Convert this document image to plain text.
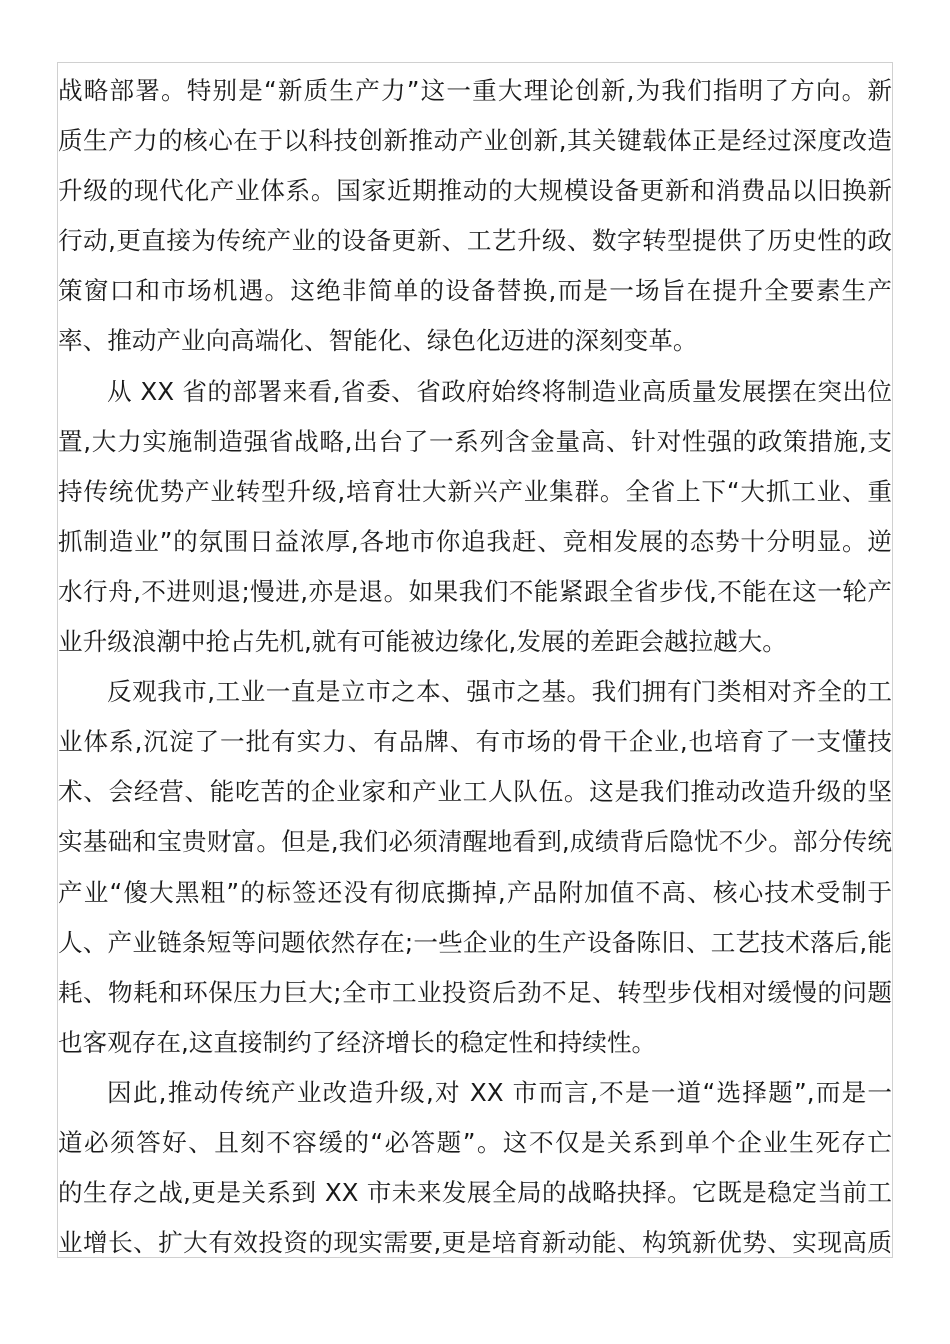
战略部署。特别是“新质生产力”这一重大理论创新,为我们指明了方向。新
质生产力的核心在于以科技创新推动产业创新,其关键载体正是经过深度改造
升级的现代化产业体系。国家近期推动的大规模设备更新和消费品以旧换新
行动,更直接为传统产业的设备更新、工艺升级、数字转型提供了历史性的政
策窗口和市场机遇。这绝非简单的设备替换,而是一场旨在提升全要素生产
率、推动产业向高端化、智能化、绿色化迈进的深刻变革。
从 XX 省的部署来看,省委、省政府始终将制造业高质量发展摆在突出位
置,大力实施制造强省战略,出台了一系列含金量高、针对性强的政策措施,支
持传统优势产业转型升级,培育壮大新兴产业集群。全省上下“大抓工业、重
抓制造业”的氛围日益浓厚,各地市你追我赶、竞相发展的态势十分明显。逆
水行舟,不进则退;慢进,亦是退。如果我们不能紧跟全省步伐,不能在这一轮产
业升级浪潮中抢占先机,就有可能被边缘化,发展的差距会越拉越大。
反观我市,工业一直是立市之本、强市之基。我们拥有门类相对齐全的工
业体系,沉淀了一批有实力、有品牌、有市场的骨干企业,也培育了一支懂技
术、会经营、能吃苦的企业家和产业工人队伍。这是我们推动改造升级的坚
实基础和宝贵财富。但是,我们必须清醒地看到,成绩背后隐忧不少。部分传统
产业“傻大黑粗”的标签还没有彻底撕掉,产品附加值不高、核心技术受制于
人、产业链条短等问题依然存在;一些企业的生产设备陈旧、工艺技术落后,能
耗、物耗和环保压力巨大;全市工业投资后劲不足、转型步伐相对缓慢的问题
也客观存在,这直接制约了经济增长的稳定性和持续性。
因此,推动传统产业改造升级,对 XX 市而言,不是一道“选择题”,而是一
道必须答好、且刻不容缓的“必答题”。这不仅是关系到单个企业生死存亡
的生存之战,更是关系到 XX 市未来发展全局的战略抉择。它既是稳定当前工
业增长、扩大有效投资的现实需要,更是培育新动能、构筑新优势、实现高质
